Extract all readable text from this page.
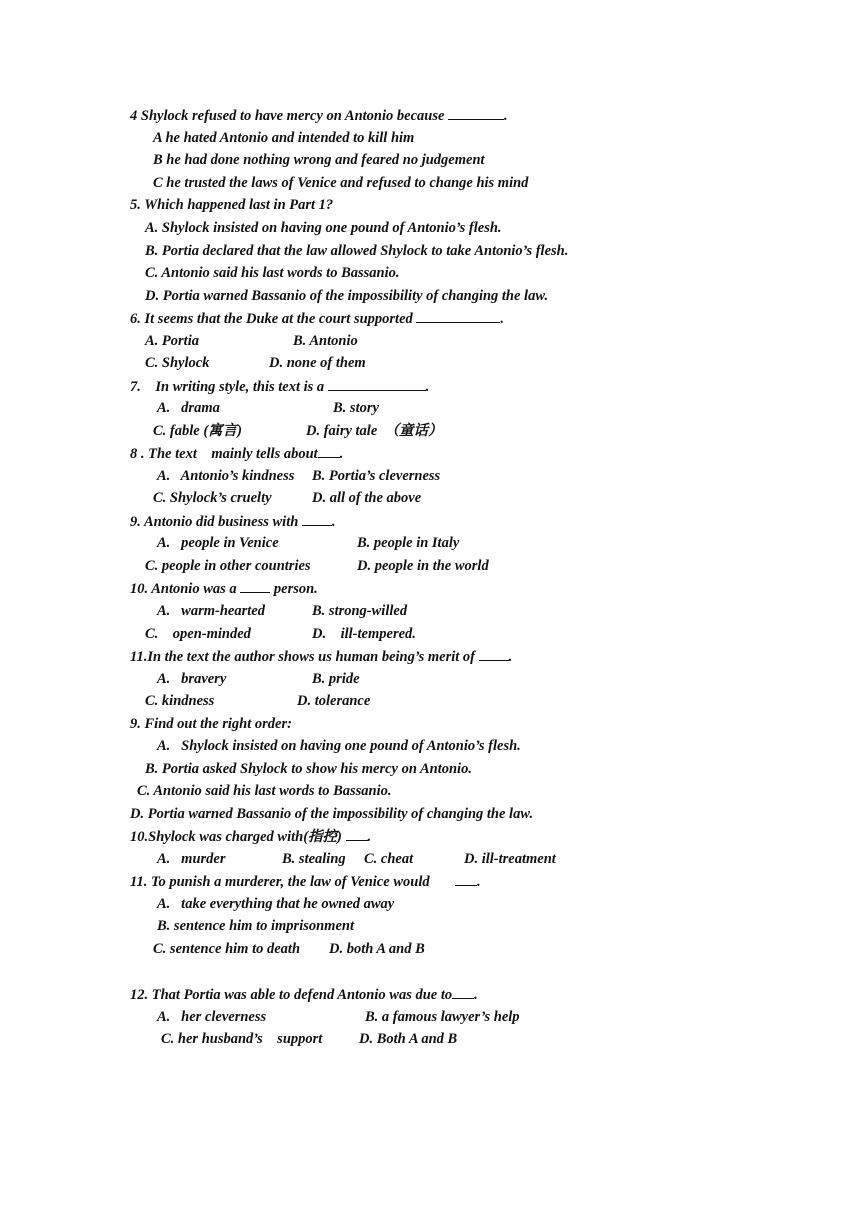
4 Shylock refused to have mercy on Antonio because	.
A he hated Antonio and intended to kill him
B he had done nothing wrong and feared no judgement
C he trusted the laws of Venice and refused to change his mind
5. Which happened last in Part 1?
A. Shylock insisted on having one pound of Antonio’s flesh.
B. Portia declared that the law allowed Shylock to take Antonio’s flesh.
C. Antonio said his last words to Bassanio.
D. Portia warned Bassanio of the impossibility of changing the law.
6. It seems that the Duke at the court supported	.
A. Portia	B. Antonio
C. Shylock	D. none of them
7.    In writing style, this text is a	.
A.   drama	B. story
C. fable (寓言)	D. fairy tale  （童话）
8 . The text    mainly tells about .
A.   Antonio’s kindness B. Portia’s cleverness
C. Shylock’s cruelty	D. all of the above
9. Antonio did business with .
A.   people in Venice	B. people in Italy
C. people in other countries	D. people in the world
10. Antonio was a  person.
A.   warm-hearted	B. strong-willed
C.    open-minded	D.    ill-tempered.
11.In the text the author shows us human being’s merit of .
A.   bravery	B. pride
C. kindness	D. tolerance
9. Find out the right order:
A.   Shylock insisted on having one pound of Antonio’s flesh.
B. Portia asked Shylock to show his mercy on Antonio.
C. Antonio said his last words to Bassanio.
D. Portia warned Bassanio of the impossibility of changing the law.
10.Shylock was charged with(指控) .
A.   murder	B. stealing C. cheat	D. ill-treatment
11. To punish a murderer, the law of Venice would       .
A.   take everything that he owned away
B. sentence him to imprisonment
C. sentence him to death D. both A and B
12. That Portia was able to defend Antonio was due to .
A.   her cleverness	B. a famous lawyer’s help
C. her husband’s    support	D. Both A and B
